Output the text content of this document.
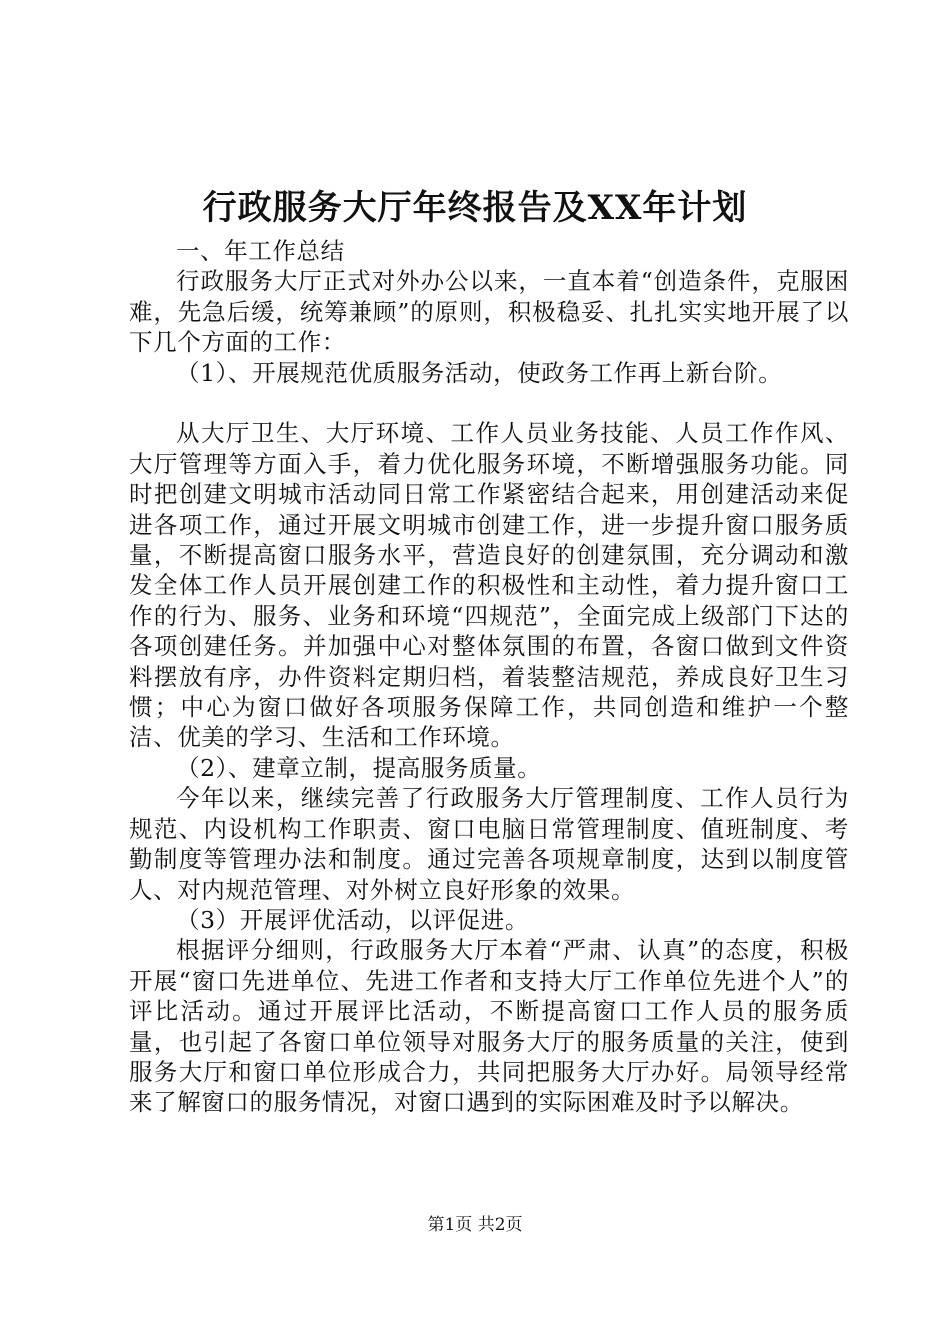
行政服务大厅年终报告及XX年计划

一、年工作总结

行政服务大厅正式对外办公以来，一直本着“创造条件，克服困难，先急后缓，统筹兼顾”的原则，积极稳妥、扎扎实实地开展了以下几个方面的工作：

（1）、开展规范优质服务活动，使政务工作再上新台阶。

从大厅卫生、大厅环境、工作人员业务技能、人员工作作风、大厅管理等方面入手，着力优化服务环境，不断增强服务功能。同时把创建文明城市活动同日常工作紧密结合起来，用创建活动来促进各项工作，通过开展文明城市创建工作，进一步提升窗口服务质量，不断提高窗口服务水平，营造良好的创建氛围，充分调动和激发全体工作人员开展创建工作的积极性和主动性，着力提升窗口工作的行为、服务、业务和环境“四规范”，全面完成上级部门下达的各项创建任务。并加强中心对整体氛围的布置，各窗口做到文件资料摆放有序，办件资料定期归档，着装整洁规范，养成良好卫生习惯；中心为窗口做好各项服务保障工作，共同创造和维护一个整洁、优美的学习、生活和工作环境。

（2）、建章立制，提高服务质量。

今年以来，继续完善了行政服务大厅管理制度、工作人员行为规范、内设机构工作职责、窗口电脑日常管理制度、值班制度、考勤制度等管理办法和制度。通过完善各项规章制度，达到以制度管人、对内规范管理、对外树立良好形象的效果。

（3）开展评优活动，以评促进。

根据评分细则，行政服务大厅本着“严肃、认真”的态度，积极开展“窗口先进单位、先进工作者和支持大厅工作单位先进个人”的评比活动。通过开展评比活动，不断提高窗口工作人员的服务质量，也引起了各窗口单位领导对服务大厅的服务质量的关注，使到服务大厅和窗口单位形成合力，共同把服务大厅办好。局领导经常来了解窗口的服务情况，对窗口遇到的实际困难及时予以解决。

第1页 共2页
